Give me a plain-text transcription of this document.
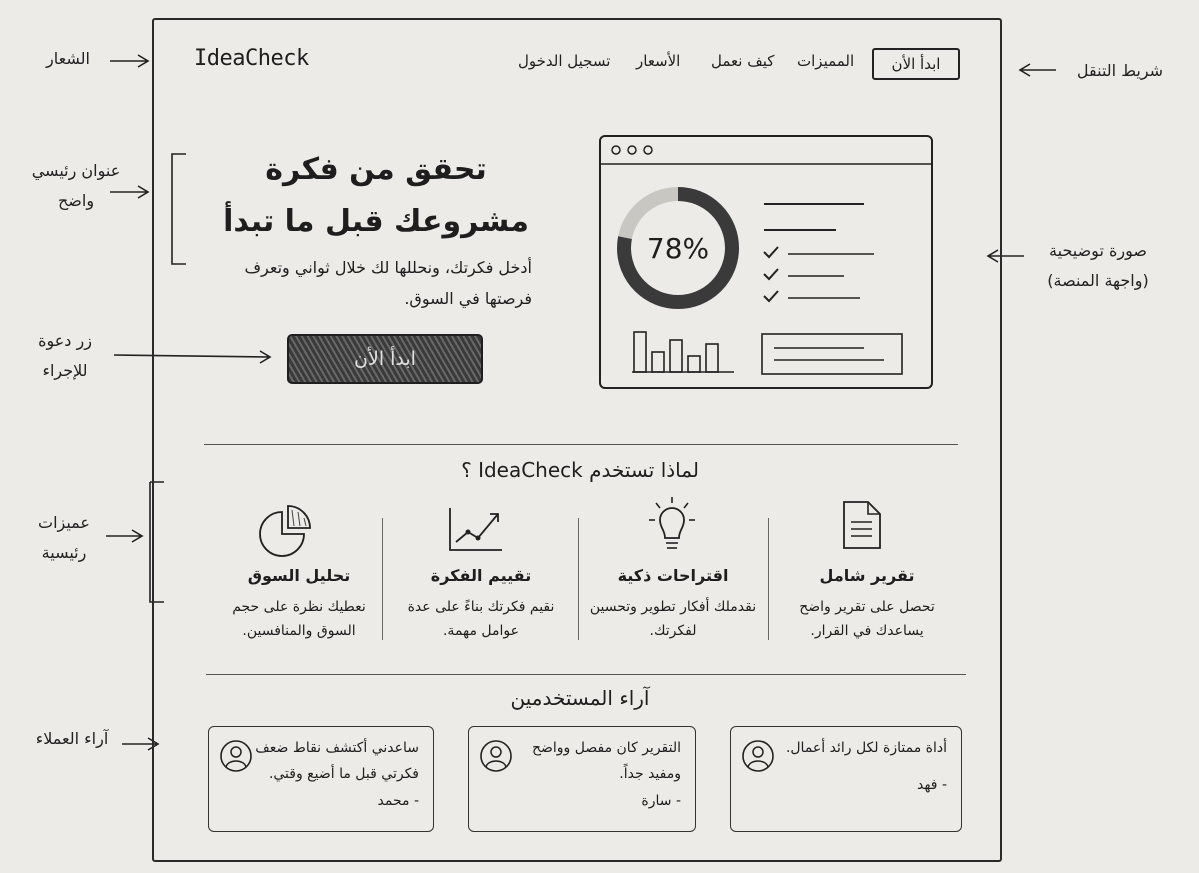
الشعار
شريط التنقل
عنوان رئيسي
واضح
صورة توضيحية
(واجهة المنصة)
زر دعوة
للإجراء
عميزات
رئيسية
آراء العملاء
IdeaCheck	المميزات
كيف نعمل
الأسعار
تسجيل الدخول	ابدأ الأن
تحقق من فكرة مشروعك قبل ما تبدأ
أدخل فكرتك، ونحللها لك خلال ثواني وتعرف فرصتها في السوق.
ابدأ الأن
78%
لماذا تستخدم IdeaCheck ؟
تقرير شامل
تحصل على تقرير واضح يساعدك في القرار.
اقتراحات ذكية
نقدملك أفكار تطوير وتحسين لفكرتك.
تقييم الفكرة
نقيم فكرتك بناءً على عدة عوامل مهمة.
تحليل السوق
نعطيك نظرة على حجم السوق والمنافسين.
آراء المستخدمين
أداة ممتازة لكل رائد أعمال.
- فهد
التقرير كان مفصل وواضح ومفيد جداً.
- سارة
ساعدني أكتشف نقاط ضعف فكرتي قبل ما أضيع وقتي.
- محمد
